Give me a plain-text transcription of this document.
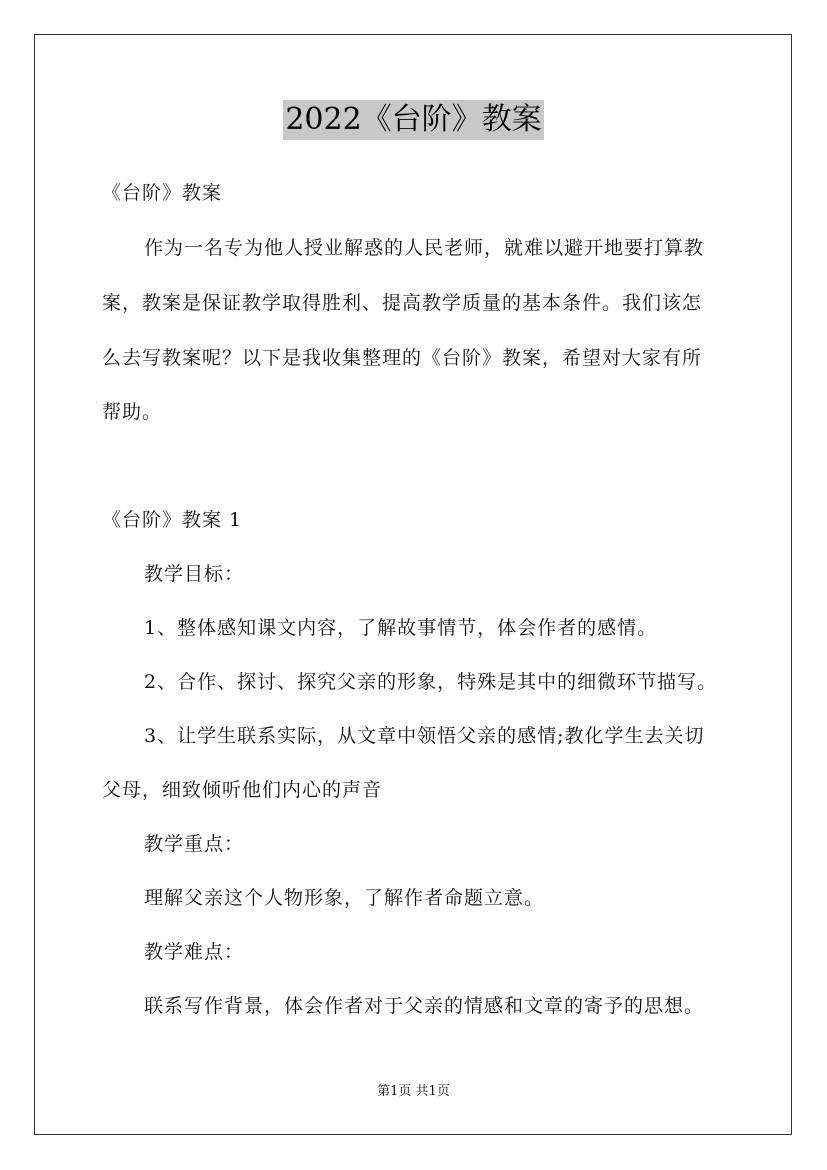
2022《台阶》教案
《台阶》教案
作为一名专为他人授业解惑的人民老师，就难以避开地要打算教
案，教案是保证教学取得胜利、提高教学质量的基本条件。我们该怎
么去写教案呢？以下是我收集整理的《台阶》教案，希望对大家有所
帮助。
《台阶》教案 1
教学目标：
1、整体感知课文内容，了解故事情节，体会作者的感情。
2、合作、探讨、探究父亲的形象，特殊是其中的细微环节描写。
3、让学生联系实际，从文章中领悟父亲的感情;教化学生去关切
父母，细致倾听他们内心的声音
教学重点：
理解父亲这个人物形象，了解作者命题立意。
教学难点：
联系写作背景，体会作者对于父亲的情感和文章的寄予的思想。
第1页 共1页
